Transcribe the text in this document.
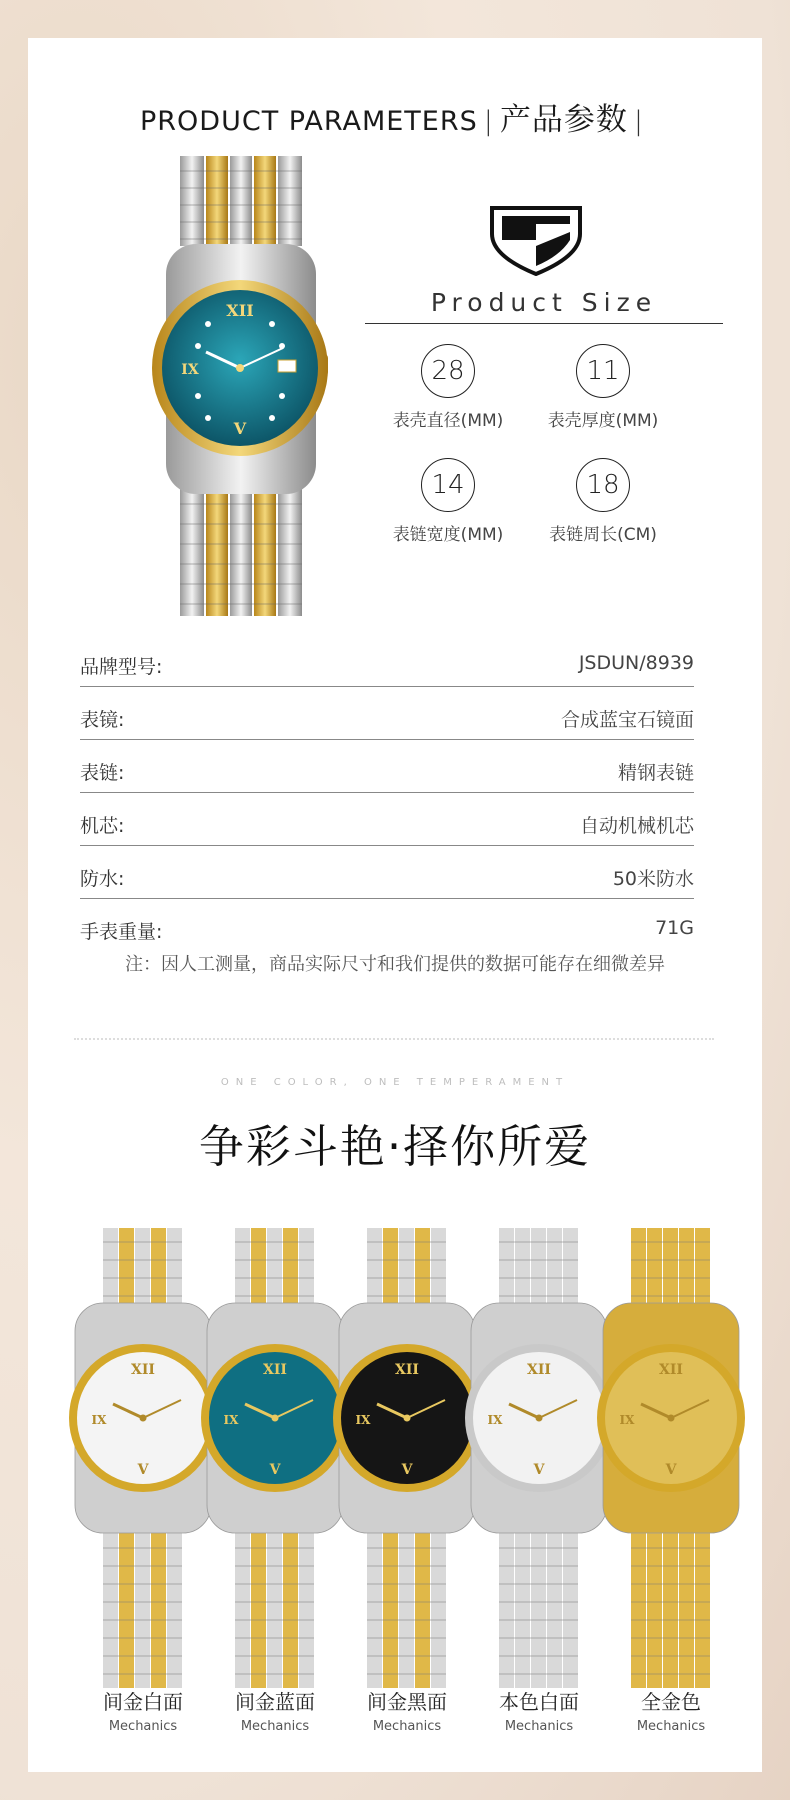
PRODUCT PARAMETERS | 产品参数 |
XII
IX
V
Product Size
28
表壳直径(MM)
11
表壳厚度(MM)
14
表链宽度(MM)
18
表链周长(CM)
品牌型号:	JSDUN/8939
表镜:	合成蓝宝石镜面
表链:	精钢表链
机芯:	自动机械机芯
防水:	50米防水
手表重量:	71G
注：因人工测量，商品实际尺寸和我们提供的数据可能存在细微差异
ONE COLOR, ONE TEMPERAMENT
争彩斗艳·择你所爱
XII
IX
V
XII
IX
V
XII
IX
V
XII
IX
V
XII
IX
V
间金白面
Mechanics
间金蓝面
Mechanics
间金黑面
Mechanics
本色白面
Mechanics
全金色
Mechanics
